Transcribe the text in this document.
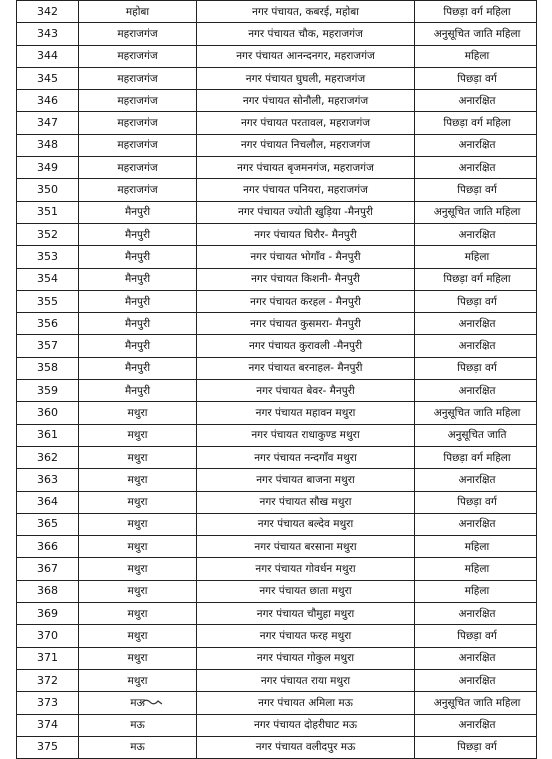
342	महोबा	नगर पंचायत, कबरई, महोबा	पिछड़ा वर्ग महिला
343	महराजगंज	नगर पंचायत चौक, महराजगंज	अनुसूचित जाति महिला
344	महराजगंज	नगर पंचायत आनन्दनगर, महराजगंज	महिला
345	महराजगंज	नगर पंचायत घुघली, महराजगंज	पिछड़ा वर्ग
346	महराजगंज	नगर पंचायत सोनौली, महराजगंज	अनारक्षित
347	महराजगंज	नगर पंचायत परतावल, महराजगंज	पिछड़ा वर्ग महिला
348	महराजगंज	नगर पंचायत निचलौल, महराजगंज	अनारक्षित
349	महराजगंज	नगर पंचायत बृजमनगंज, महराजगंज	अनारक्षित
350	महराजगंज	नगर पंचायत पनियरा, महराजगंज	पिछड़ा वर्ग
351	मैनपुरी	नगर पंचायत ज्योती खुड़िया -मैनपुरी	अनुसूचित जाति महिला
352	मैनपुरी	नगर पंचायत घिरौर- मैनपुरी	अनारक्षित
353	मैनपुरी	नगर पंचायत भोगाँव - मैनपुरी	महिला
354	मैनपुरी	नगर पंचायत किशनी- मैनपुरी	पिछड़ा वर्ग महिला
355	मैनपुरी	नगर पंचायत करहल - मैनपुरी	पिछड़ा वर्ग
356	मैनपुरी	नगर पंचायत कुसमरा- मैनपुरी	अनारक्षित
357	मैनपुरी	नगर पंचायत कुरावली -मैनपुरी	अनारक्षित
358	मैनपुरी	नगर पंचायत बरनाहल- मैनपुरी	पिछड़ा वर्ग
359	मैनपुरी	नगर पंचायत बेवर- मैनपुरी	अनारक्षित
360	मथुरा	नगर पंचायत महावन मथुरा	अनुसूचित जाति महिला
361	मथुरा	नगर पंचायत राधाकुण्ड मथुरा	अनुसूचित जाति
362	मथुरा	नगर पंचायत नन्दगाँव मथुरा	पिछड़ा वर्ग महिला
363	मथुरा	नगर पंचायत बाजना मथुरा	अनारक्षित
364	मथुरा	नगर पंचायत सौख मथुरा	पिछड़ा वर्ग
365	मथुरा	नगर पंचायत बल्देव मथुरा	अनारक्षित
366	मथुरा	नगर पंचायत बरसाना मथुरा	महिला
367	मथुरा	नगर पंचायत गोवर्धन मथुरा	महिला
368	मथुरा	नगर पंचायत छाता मथुरा	महिला
369	मथुरा	नगर पंचायत चौमुहा मथुरा	अनारक्षित
370	मथुरा	नगर पंचायत फरह मथुरा	पिछड़ा वर्ग
371	मथुरा	नगर पंचायत गोकुल मथुरा	अनारक्षित
372	मथुरा	नगर पंचायत राया मथुरा	अनारक्षित
373	मऊ	नगर पंचायत अमिला मऊ	अनुसूचित जाति महिला
374	मऊ	नगर पंचायत दोहरीघाट मऊ	अनारक्षित
375	मऊ	नगर पंचायत वलीदपुर मऊ	पिछड़ा वर्ग
